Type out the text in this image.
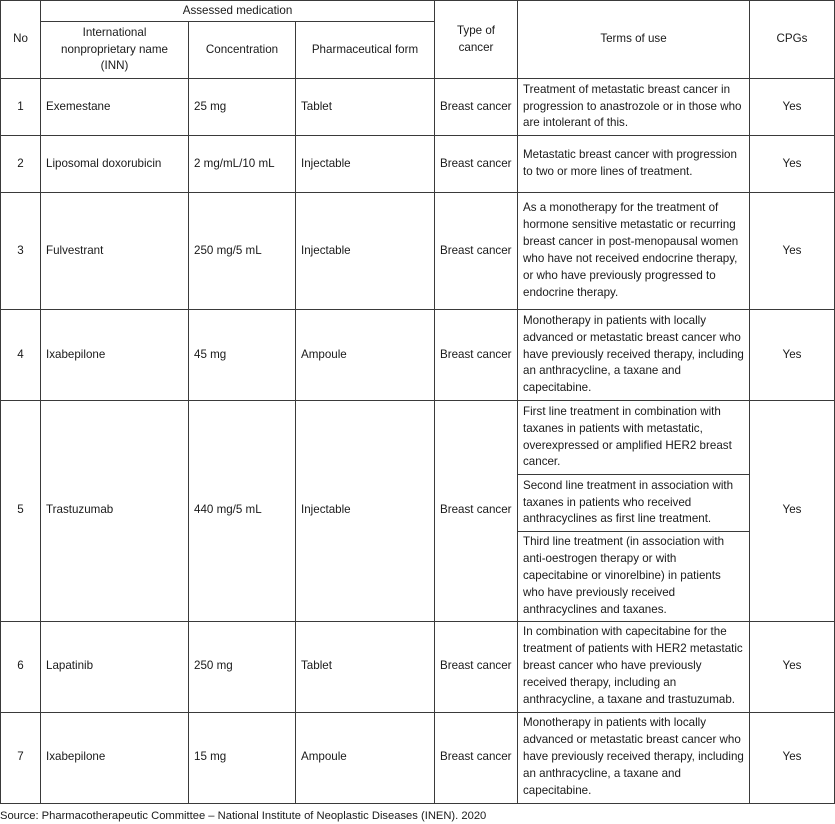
No	Assessed medication			Type of cancer	Terms of use	CPGs
	International nonproprietary name (INN)	Concentration	Pharmaceutical form			
1	Exemestane	25 mg	Tablet	Breast cancer	Treatment of metastatic breast cancer in progression to anastrozole or in those who are intolerant of this.	Yes
2	Liposomal doxorubicin	2 mg/mL/10 mL	Injectable	Breast cancer	Metastatic breast cancer with progression to two or more lines of treatment.	Yes
3	Fulvestrant	250 mg/5 mL	Injectable	Breast cancer	As a monotherapy for the treatment of hormone sensitive metastatic or recurring breast cancer in post-menopausal women who have not received endocrine therapy, or who have previously progressed to endocrine therapy.	Yes
4	Ixabepilone	45 mg	Ampoule	Breast cancer	Monotherapy in patients with locally advanced or metastatic breast cancer who have previously received therapy, including an anthracycline, a taxane and capecitabine.	Yes
5	Trastuzumab	440 mg/5 mL	Injectable	Breast cancer	First line treatment in combination with taxanes in patients with metastatic, overexpressed or amplified HER2 breast cancer.	Yes
					Second line treatment in association with taxanes in patients who received anthracyclines as first line treatment.	
					Third line treatment (in association with anti-oestrogen therapy or with capecitabine or vinorelbine) in patients who have previously received anthracyclines and taxanes.	
6	Lapatinib	250 mg	Tablet	Breast cancer	In combination with capecitabine for the treatment of patients with HER2 metastatic breast cancer who have previously received therapy, including an anthracycline, a taxane and trastuzumab.	Yes
7	Ixabepilone	15 mg	Ampoule	Breast cancer	Monotherapy in patients with locally advanced or metastatic breast cancer who have previously received therapy, including an anthracycline, a taxane and capecitabine.	Yes
Source: Pharmacotherapeutic Committee – National Institute of Neoplastic Diseases (INEN). 2020
